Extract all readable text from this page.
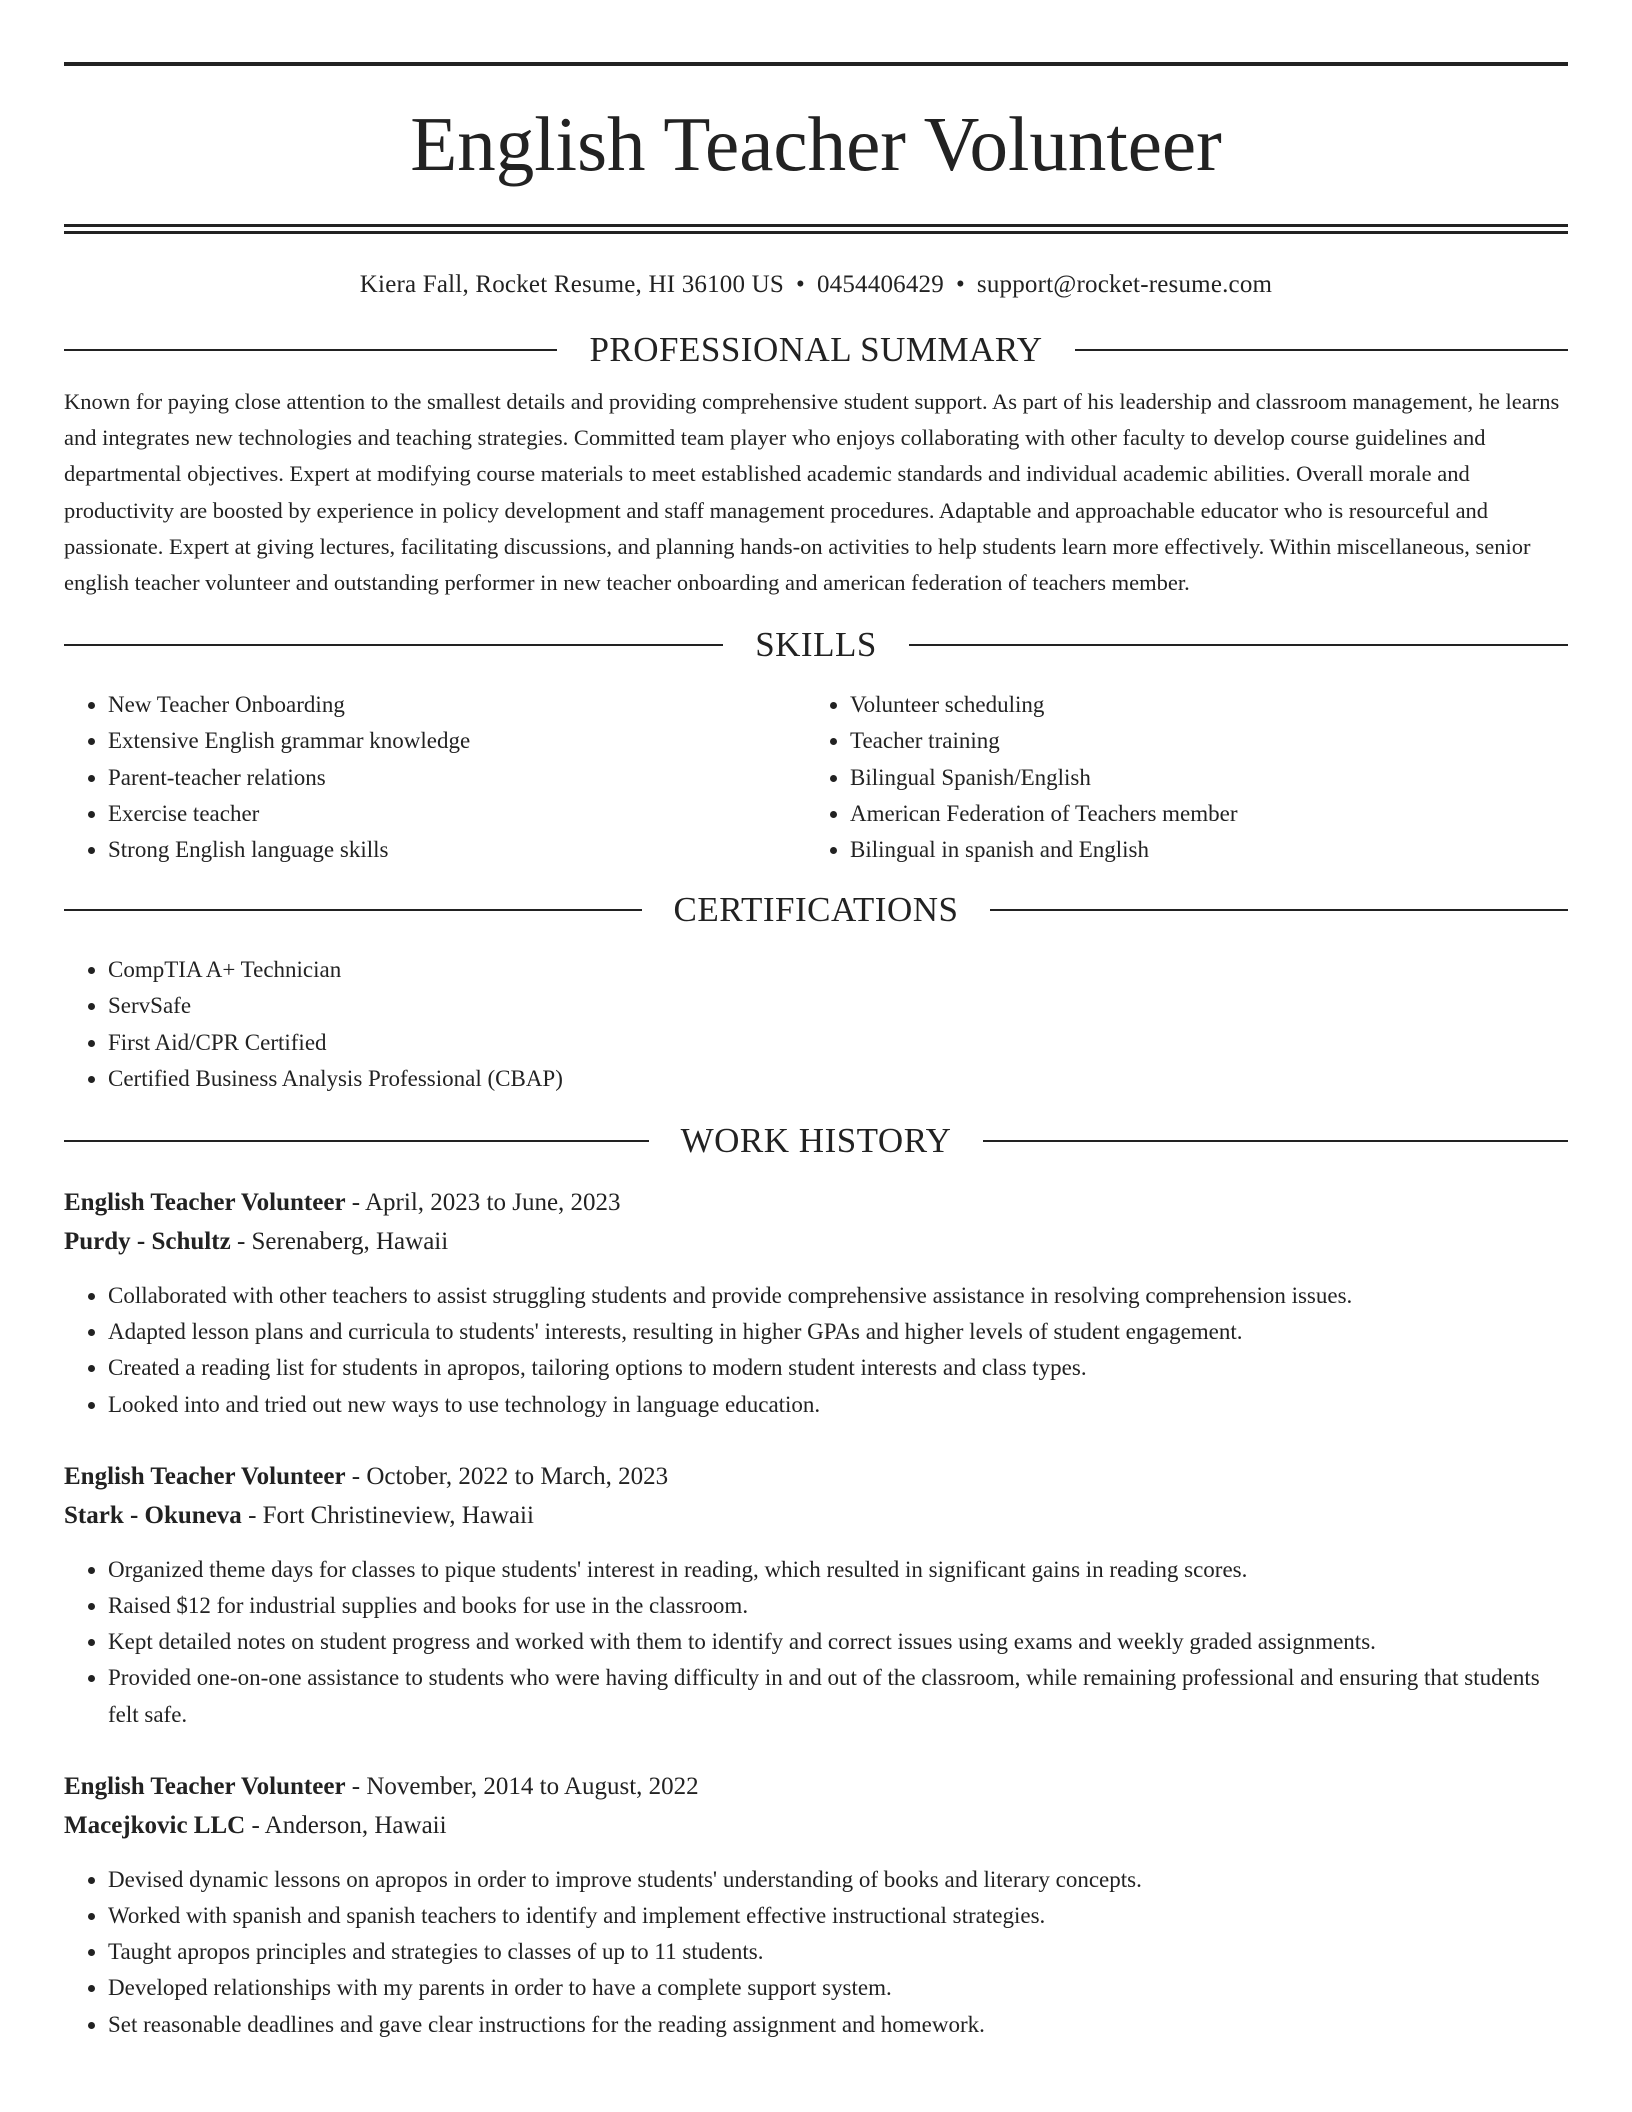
English Teacher Volunteer
Kiera Fall, Rocket Resume, HI 36100 US • 0454406429 • support@rocket-resume.com
PROFESSIONAL SUMMARY

Known for paying close attention to the smallest details and providing comprehensive student support. As part of his leadership and classroom management, he learns and integrates new technologies and teaching strategies. Committed team player who enjoys collaborating with other faculty to develop course guidelines and departmental objectives. Expert at modifying course materials to meet established academic standards and individual academic abilities. Overall morale and productivity are boosted by experience in policy development and staff management procedures. Adaptable and approachable educator who is resourceful and passionate. Expert at giving lectures, facilitating discussions, and planning hands-on activities to help students learn more effectively. Within miscellaneous, senior english teacher volunteer and outstanding performer in new teacher onboarding and american federation of teachers member.

SKILLS
• New Teacher Onboarding
• Extensive English grammar knowledge
• Parent-teacher relations
• Exercise teacher
• Strong English language skills
• Volunteer scheduling
• Teacher training
• Bilingual Spanish/English
• American Federation of Teachers member
• Bilingual in spanish and English
CERTIFICATIONS
• CompTIA A+ Technician
• ServSafe
• First Aid/CPR Certified
• Certified Business Analysis Professional (CBAP)
WORK HISTORY
English Teacher Volunteer - April, 2023 to June, 2023
Purdy - Schultz - Serenaberg, Hawaii
• Collaborated with other teachers to assist struggling students and provide comprehensive assistance in resolving comprehension issues.
• Adapted lesson plans and curricula to students' interests, resulting in higher GPAs and higher levels of student engagement.
• Created a reading list for students in apropos, tailoring options to modern student interests and class types.
• Looked into and tried out new ways to use technology in language education.
English Teacher Volunteer - October, 2022 to March, 2023
Stark - Okuneva - Fort Christineview, Hawaii
• Organized theme days for classes to pique students' interest in reading, which resulted in significant gains in reading scores.
• Raised $12 for industrial supplies and books for use in the classroom.
• Kept detailed notes on student progress and worked with them to identify and correct issues using exams and weekly graded assignments.
• Provided one-on-one assistance to students who were having difficulty in and out of the classroom, while remaining professional and ensuring that students felt safe.
English Teacher Volunteer - November, 2014 to August, 2022
Macejkovic LLC - Anderson, Hawaii
• Devised dynamic lessons on apropos in order to improve students' understanding of books and literary concepts.
• Worked with spanish and spanish teachers to identify and implement effective instructional strategies.
• Taught apropos principles and strategies to classes of up to 11 students.
• Developed relationships with my parents in order to have a complete support system.
• Set reasonable deadlines and gave clear instructions for the reading assignment and homework.
